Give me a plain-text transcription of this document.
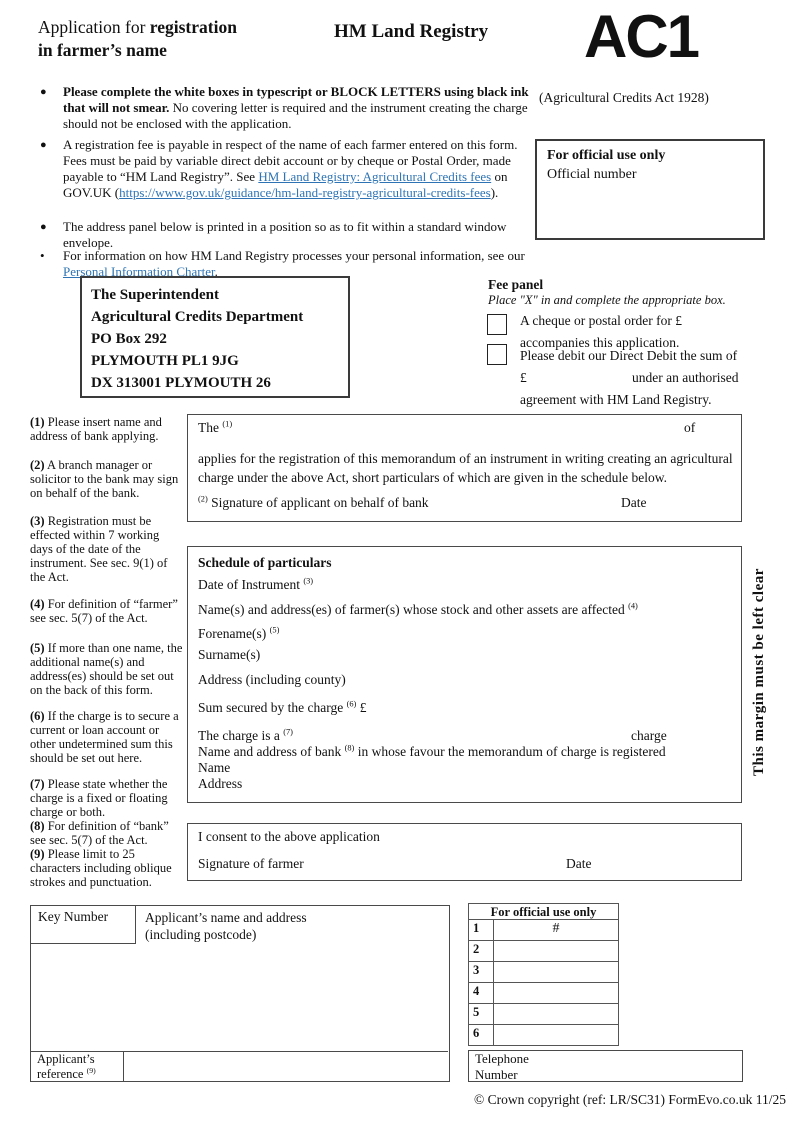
Application for registration
in farmer’s name
HM Land Registry AC1
(Agricultural Credits Act 1928)
●	Please complete the white boxes in typescript or BLOCK LETTERS using black ink that will not smear. No covering letter is required and the instrument creating the charge should not be enclosed with the application.
●	A registration fee is payable in respect of the name of each farmer entered on this form. Fees must be paid by variable direct debit account or by cheque or Postal Order, made payable to “HM Land Registry”. See HM Land Registry: Agricultural Credits fees on GOV.UK (https://www.gov.uk/guidance/hm-land-registry-agricultural-credits-fees).
●	The address panel below is printed in a position so as to fit within a standard window envelope.
•	For information on how HM Land Registry processes your personal information, see our Personal Information Charter.
For official use only
Official number
The Superintendent
Agricultural Credits Department
PO Box 292
PLYMOUTH PL1 9JG
DX 313001 PLYMOUTH 26
Fee panel
Place "X" in and complete the appropriate box.
A cheque or postal order for £
accompanies this application.
Please debit our Direct Debit the sum of
£	under an authorised
agreement with HM Land Registry.
(1) Please insert name and address of bank applying.
(2) A branch manager or solicitor to the bank may sign on behalf of the bank.
(3) Registration must be effected within 7 working days of the date of the instrument. See sec. 9(1) of the Act.
(4) For definition of “farmer” see sec. 5(7) of the Act.
(5) If more than one name, the additional name(s) and address(es) should be set out on the back of this form.
(6) If the charge is to secure a current or loan account or other undetermined sum this should be set out here.
(7) Please state whether the charge is a fixed or floating charge or both.
(8) For definition of “bank” see sec. 5(7) of the Act.
(9) Please limit to 25 characters including oblique strokes and punctuation.
The $^{(1)}$	of
applies for the registration of this memorandum of an instrument in writing creating an agricultural charge under the above Act, short particulars of which are given in the schedule below.
$^{(2)}$ Signature of applicant on behalf of bank	Date
Schedule of particulars
Date of Instrument $^{(3)}$
Name(s) and address(es) of farmer(s) whose stock and other assets are affected $^{(4)}$
Forename(s) $^{(5)}$
Surname(s)
Address (including county)
Sum secured by the charge $^{(6)}$ £
The charge is a $^{(7)}$	charge
Name and address of bank $^{(8)}$ in whose favour the memorandum of charge is registered
Name
Address
I consent to the above application
Signature of farmer	Date
This margin must be left clear
Key Number	Applicant’s name and address
(including postcode)
Applicant’s
reference $^{(9)}$
For official use only
1	#
2
3
4
5
6
Telephone
Number
© Crown copyright (ref: LR/SC31) FormEvo.co.uk 11/25
